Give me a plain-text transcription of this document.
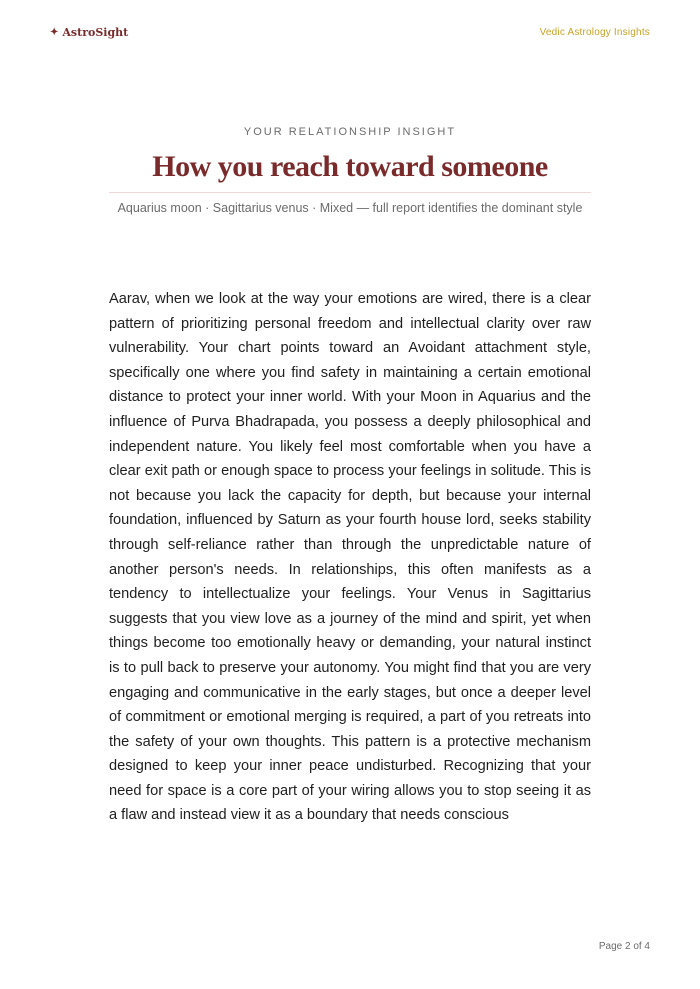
✦ AstroSight	Vedic Astrology Insights
YOUR RELATIONSHIP INSIGHT
How you reach toward someone
Aquarius moon · Sagittarius venus · Mixed — full report identifies the dominant style

Aarav, when we look at the way your emotions are wired, there is a clear pattern of prioritizing personal freedom and intellectual clarity over raw vulnerability. Your chart points toward an Avoidant attachment style, specifically one where you find safety in maintaining a certain emotional distance to protect your inner world. With your Moon in Aquarius and the influence of Purva Bhadrapada, you possess a deeply philosophical and independent nature. You likely feel most comfortable when you have a clear exit path or enough space to process your feelings in solitude. This is not because you lack the capacity for depth, but because your internal foundation, influenced by Saturn as your fourth house lord, seeks stability through self-reliance rather than through the unpredictable nature of another person's needs. In relationships, this often manifests as a tendency to intellectualize your feelings. Your Venus in Sagittarius suggests that you view love as a journey of the mind and spirit, yet when things become too emotionally heavy or demanding, your natural instinct is to pull back to preserve your autonomy. You might find that you are very engaging and communicative in the early stages, but once a deeper level of commitment or emotional merging is required, a part of you retreats into the safety of your own thoughts. This pattern is a protective mechanism designed to keep your inner peace undisturbed. Recognizing that your need for space is a core part of your wiring allows you to stop seeing it as a flaw and instead view it as a boundary that needs conscious

Page 2 of 4
